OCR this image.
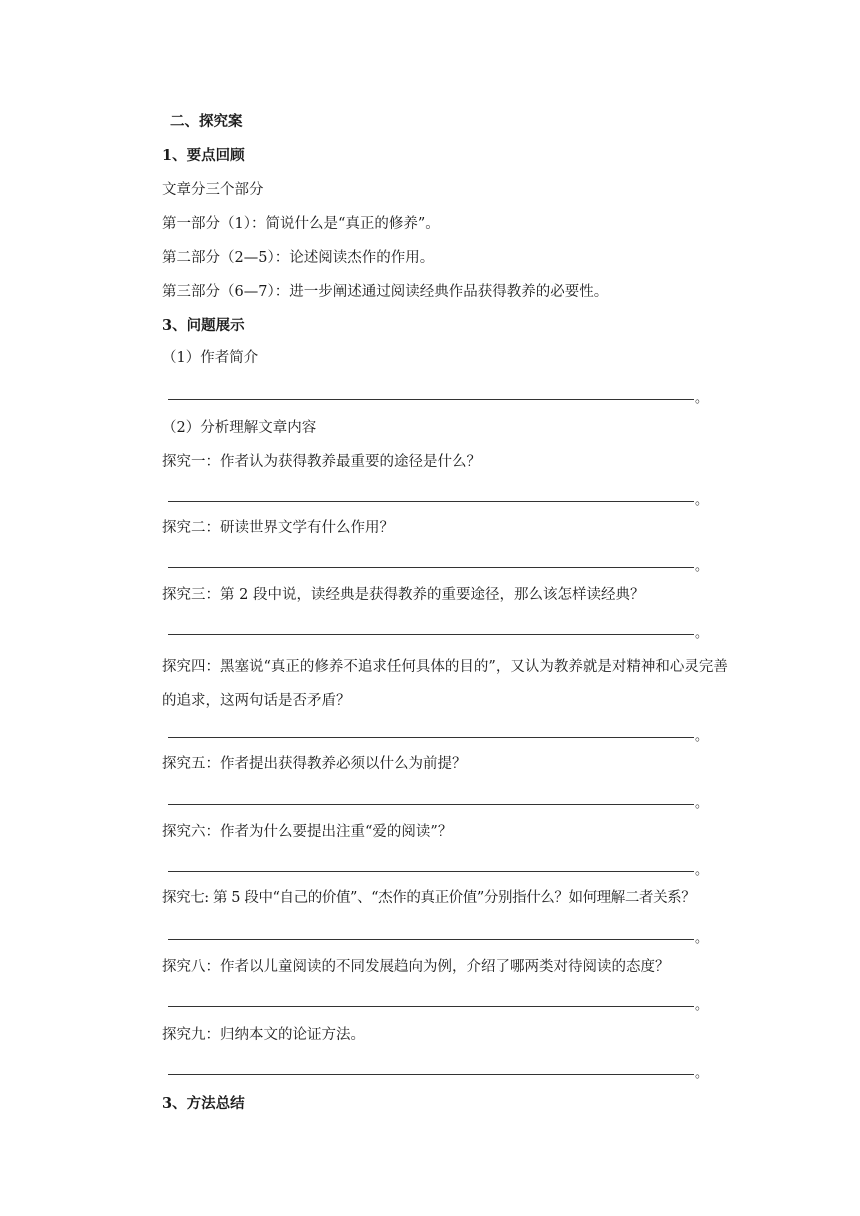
二、探究案
1、要点回顾
文章分三个部分
第一部分（1）：简说什么是“真正的修养”。
第二部分（2—5）：论述阅读杰作的作用。
第三部分（6—7）：进一步阐述通过阅读经典作品获得教养的必要性。
3、问题展示
（1）作者简介
。
（2）分析理解文章内容
探究一：作者认为获得教养最重要的途径是什么？
。
探究二：研读世界文学有什么作用？
。
探究三：第 2 段中说，读经典是获得教养的重要途径，那么该怎样读经典？
。
探究四：黑塞说“真正的修养不追求任何具体的目的”，又认为教养就是对精神和心灵完善的追求，这两句话是否矛盾？
。
探究五：作者提出获得教养必须以什么为前提？
。
探究六：作者为什么要提出注重“爱的阅读”？
。
探究七: 第 5 段中“自己的价值”、“杰作的真正价值”分别指什么？如何理解二者关系？
。
探究八：作者以儿童阅读的不同发展趋向为例，介绍了哪两类对待阅读的态度？
。
探究九：归纳本文的论证方法。
。
3、方法总结
